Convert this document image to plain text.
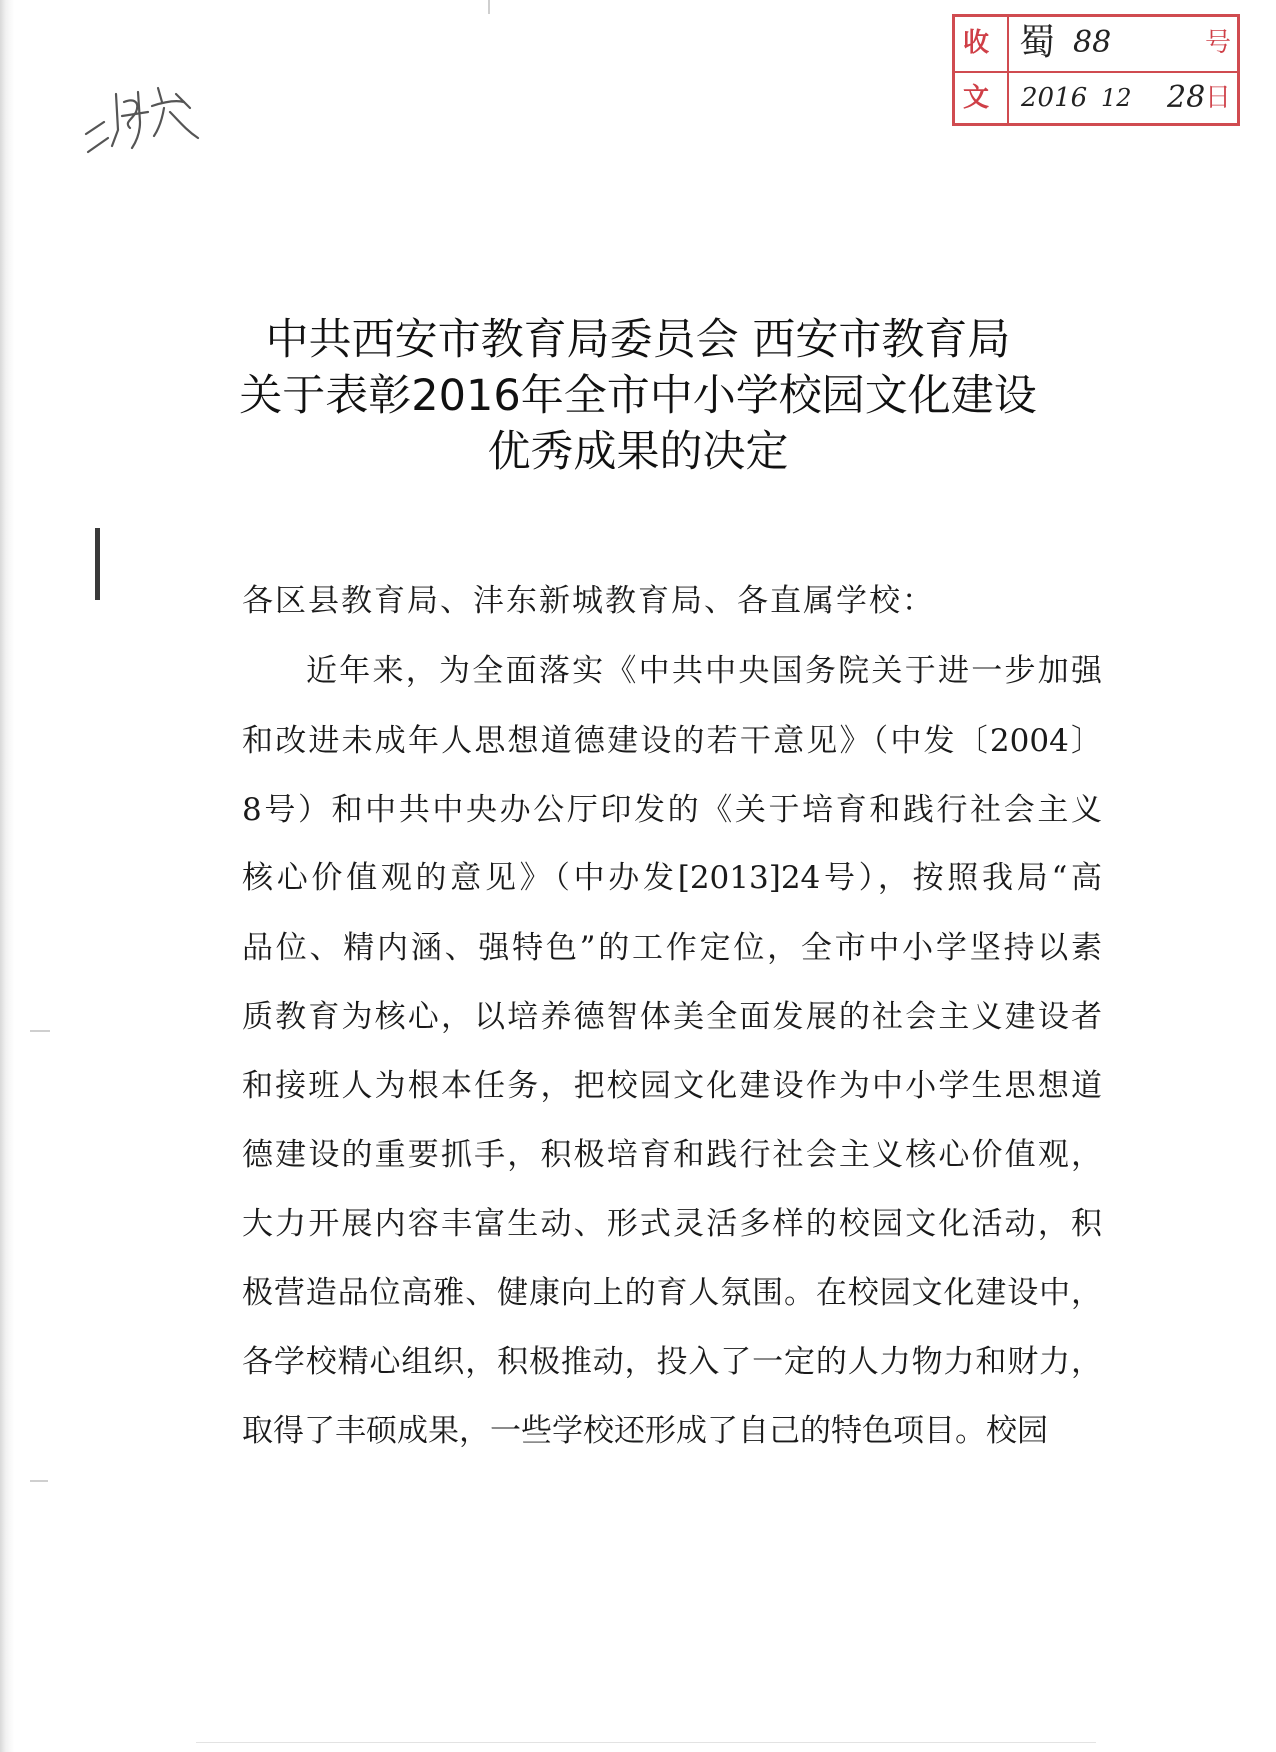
收 蜀 88	号
文 2016 12 28 日
中共西安市教育局委员会 西安市教育局
关于表彰2016年全市中小学校园文化建设
优秀成果的决定
各区县教育局、沣东新城教育局、各直属学校：
近年来，为全面落实《中共中央国务院关于进一步加强
和改进未成年人思想道德建设的若干意见》（中发〔2004〕
8号）和中共中央办公厅印发的《关于培育和践行社会主义
核心价值观的意见》（中办发[2013]24号），按照我局“高
品位、精内涵、强特色”的工作定位，全市中小学坚持以素
质教育为核心，以培养德智体美全面发展的社会主义建设者
和接班人为根本任务，把校园文化建设作为中小学生思想道
德建设的重要抓手，积极培育和践行社会主义核心价值观，
大力开展内容丰富生动、形式灵活多样的校园文化活动，积
极营造品位高雅、健康向上的育人氛围。在校园文化建设中，
各学校精心组织，积极推动，投入了一定的人力物力和财力，
取得了丰硕成果，一些学校还形成了自己的特色项目。校园
